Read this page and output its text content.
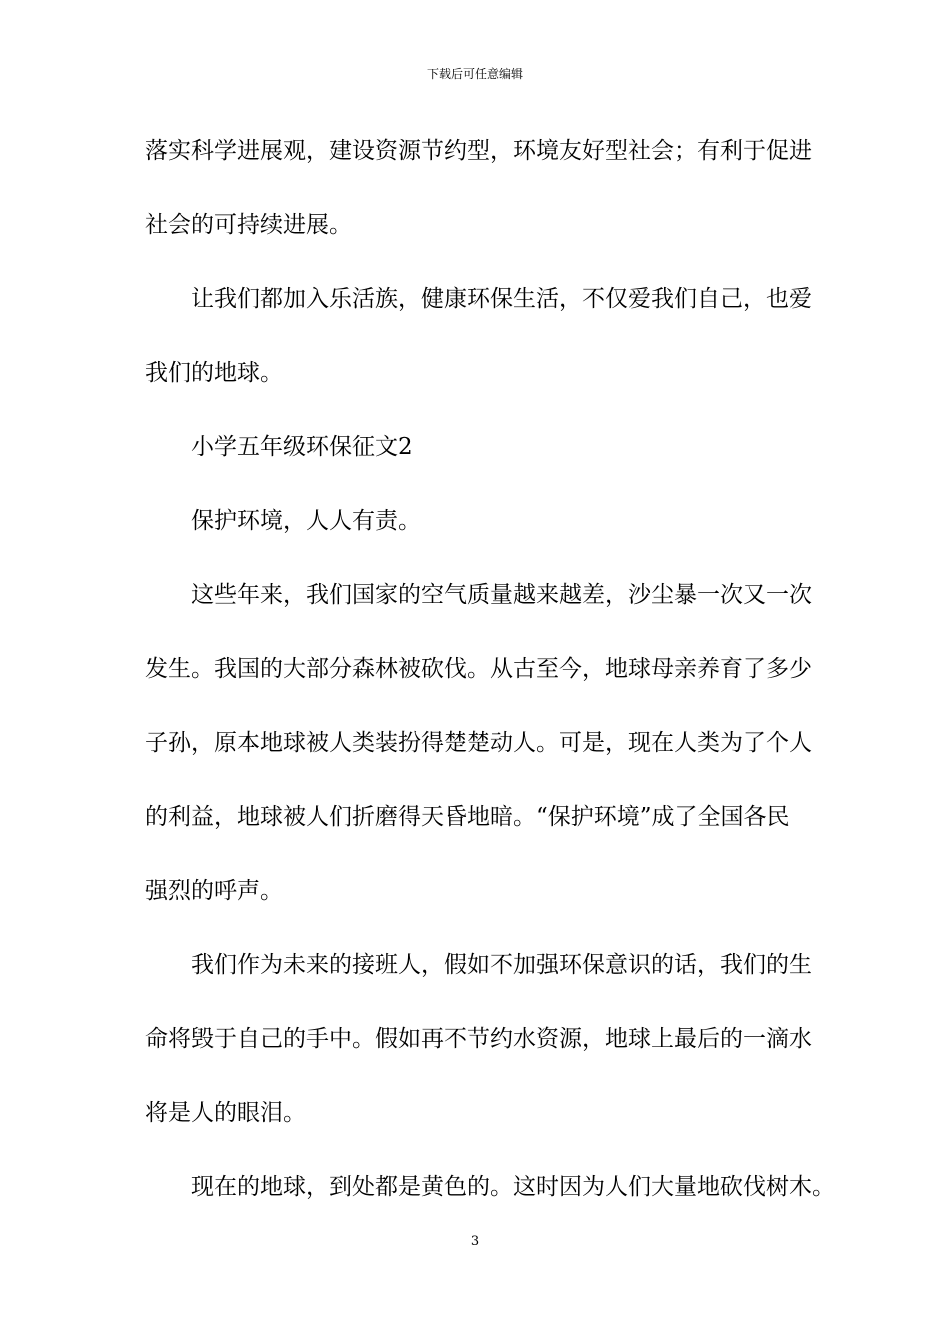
下载后可任意编辑
落实科学进展观，建设资源节约型，环境友好型社会；有利于促进
社会的可持续进展。
让我们都加入乐活族，健康环保生活，不仅爱我们自己，也爱
我们的地球。
小学五年级环保征文2
保护环境，人人有责。
这些年来，我们国家的空气质量越来越差，沙尘暴一次又一次
发生。我国的大部分森林被砍伐。从古至今，地球母亲养育了多少
子孙，原本地球被人类装扮得楚楚动人。可是，现在人类为了个人
的利益，地球被人们折磨得天昏地暗。“保护环境”成了全国各民
强烈的呼声。
我们作为未来的接班人，假如不加强环保意识的话，我们的生
命将毁于自己的手中。假如再不节约水资源，地球上最后的一滴水
将是人的眼泪。
现在的地球，到处都是黄色的。这时因为人们大量地砍伐树木。
3
